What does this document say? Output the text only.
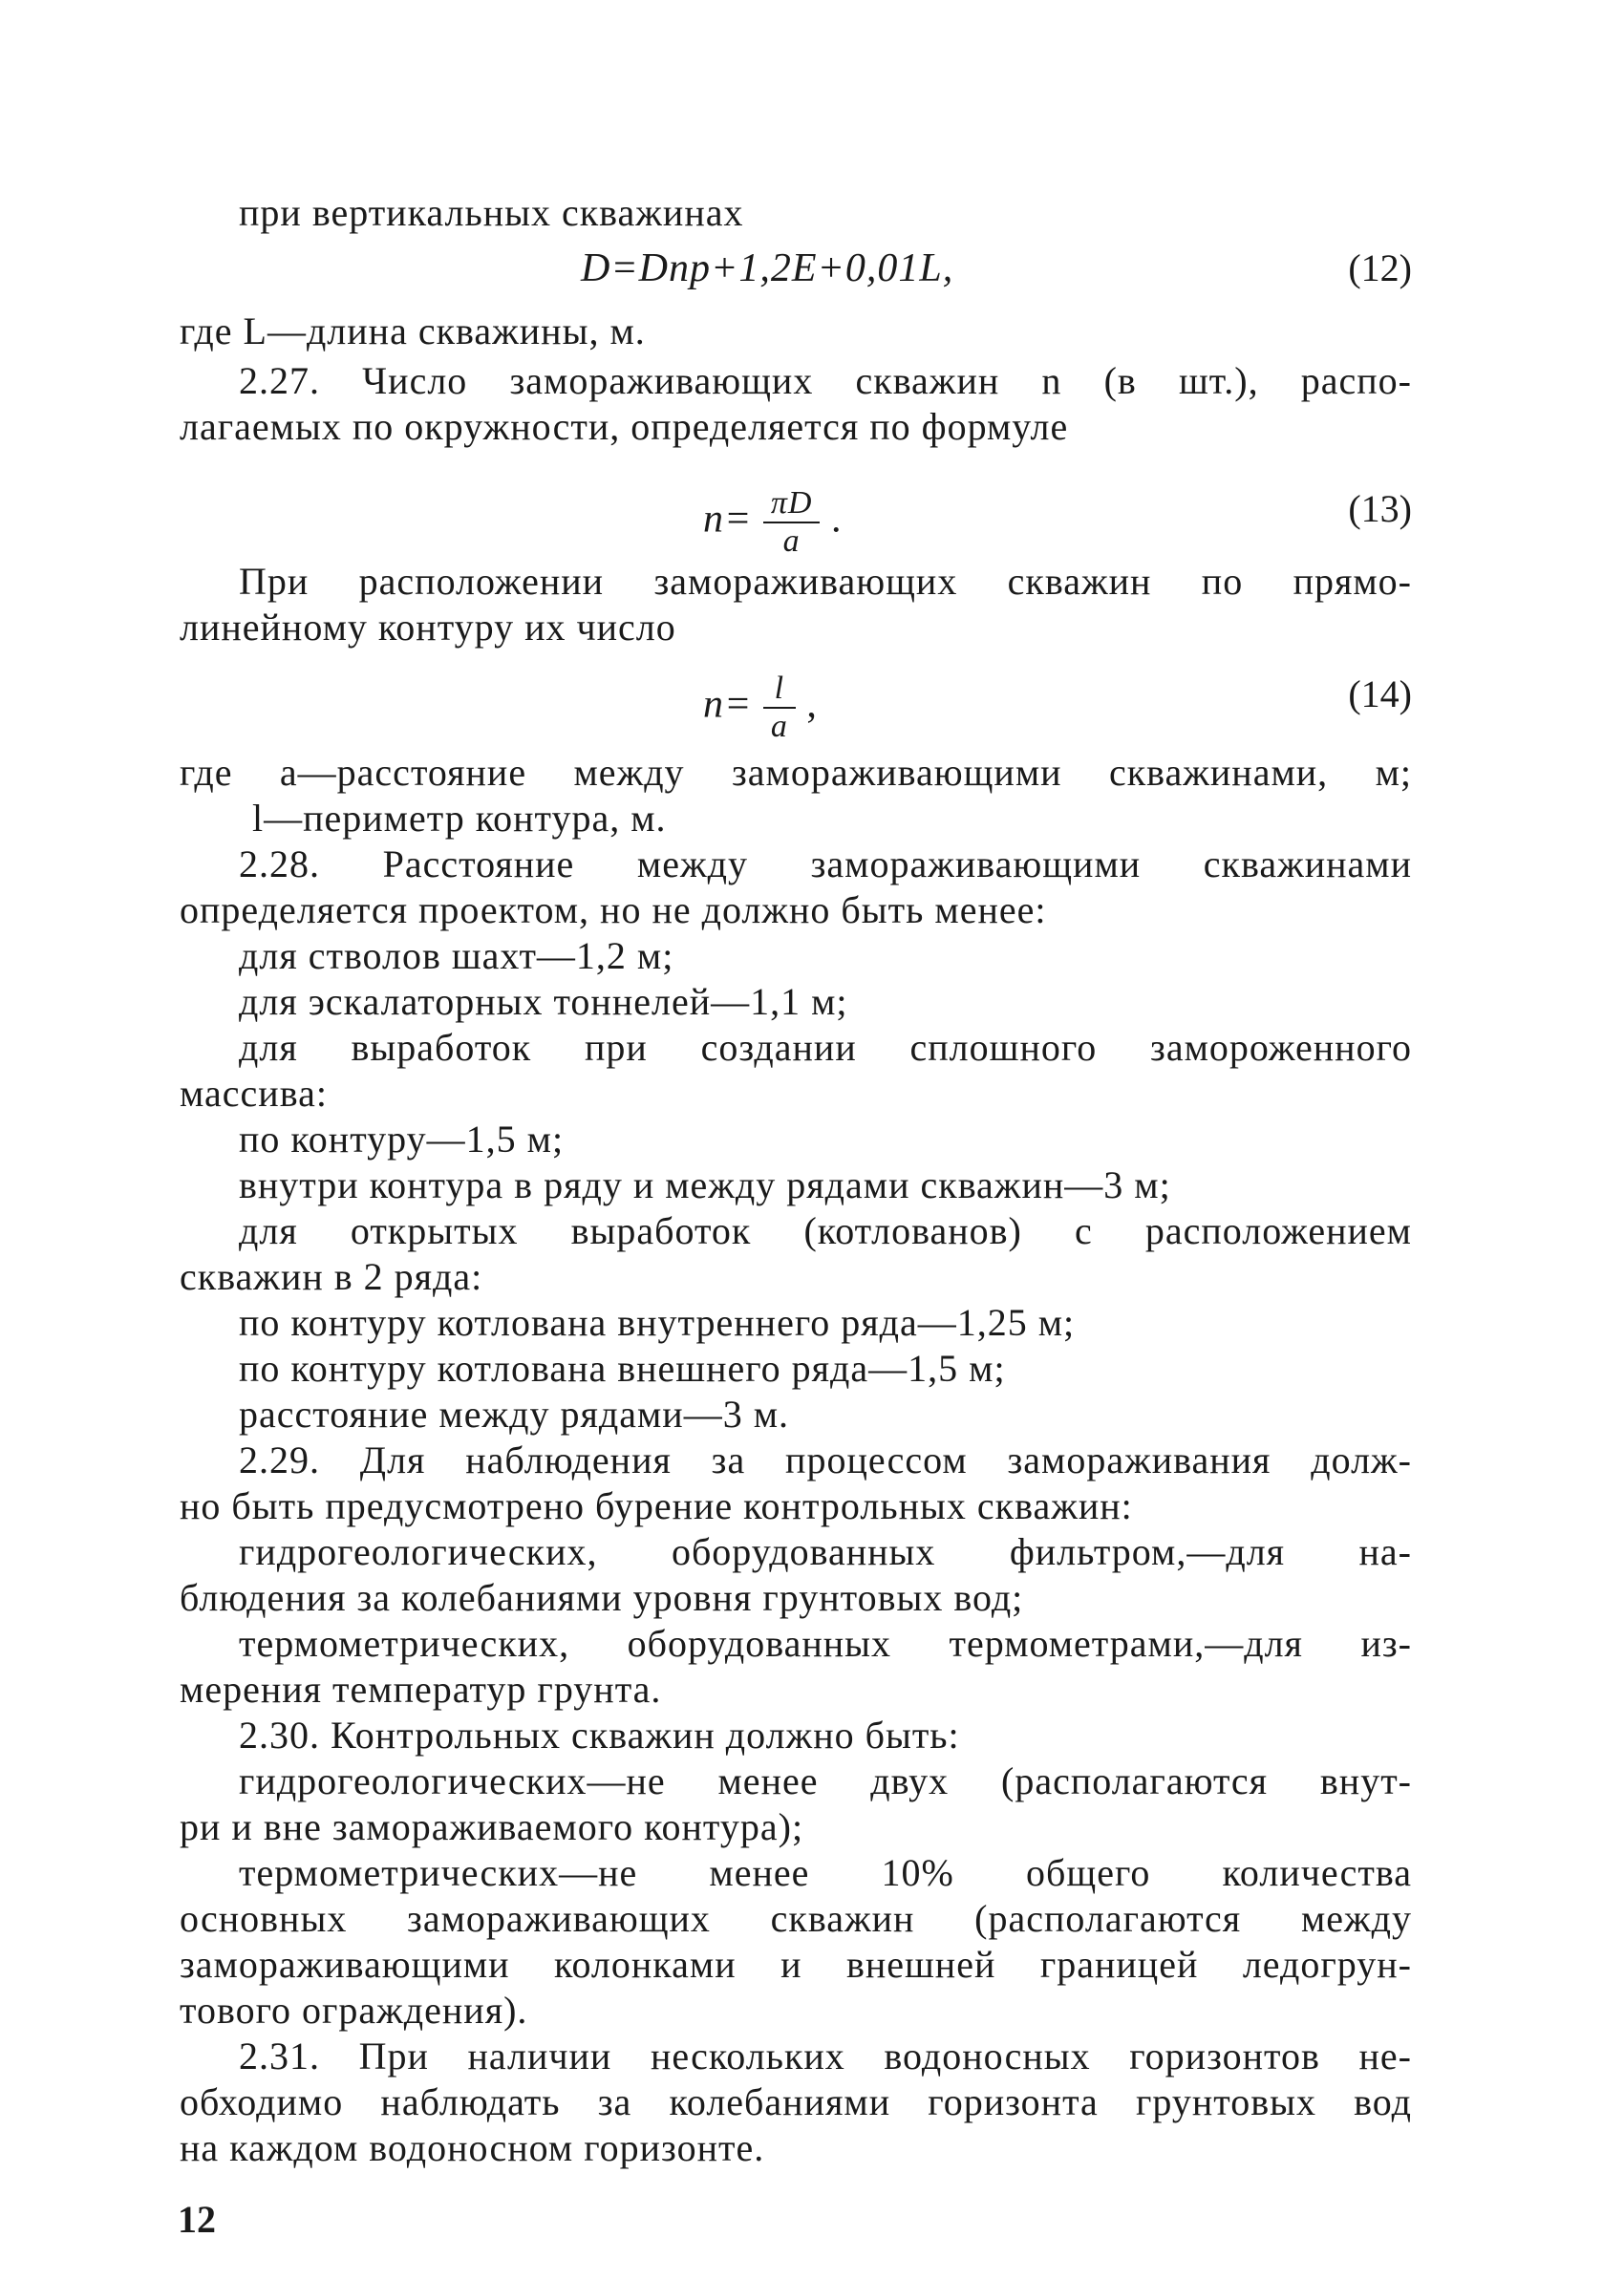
при вертикальных скважинах
D=Dпр+1,2E+0,01L,	(12)
где L—длина скважины, м.
2.27. Число замораживающих скважин n (в шт.), распо-
лагаемых по окружности, определяется по формуле
$n= \frac{\pi D}{a}$ .	(13)
При расположении замораживающих скважин по прямо-
линейному контуру их число
$n= \frac{l}{a}$ ,	(14)
где a—расстояние между замораживающими скважинами, м;
l—периметр контура, м.
2.28. Расстояние между замораживающими скважинами
определяется проектом, но не должно быть менее:
для стволов шахт—1,2 м;
для эскалаторных тоннелей—1,1 м;
для выработок при создании сплошного замороженного
массива:
по контуру—1,5 м;
внутри контура в ряду и между рядами скважин—3 м;
для открытых выработок (котлованов) с расположением
скважин в 2 ряда:
по контуру котлована внутреннего ряда—1,25 м;
по контуру котлована внешнего ряда—1,5 м;
расстояние между рядами—3 м.
2.29. Для наблюдения за процессом замораживания долж-
но быть предусмотрено бурение контрольных скважин:
гидрогеологических, оборудованных фильтром,—для на-
блюдения за колебаниями уровня грунтовых вод;
термометрических, оборудованных термометрами,—для из-
мерения температур грунта.
2.30. Контрольных скважин должно быть:
гидрогеологических—не менее двух (располагаются внут-
ри и вне замораживаемого контура);
термометрических—не менее 10% общего количества
основных замораживающих скважин (располагаются между
замораживающими колонками и внешней границей ледогрун-
тового ограждения).
2.31. При наличии нескольких водоносных горизонтов не-
обходимо наблюдать за колебаниями горизонта грунтовых вод
на каждом водоносном горизонте.
12
